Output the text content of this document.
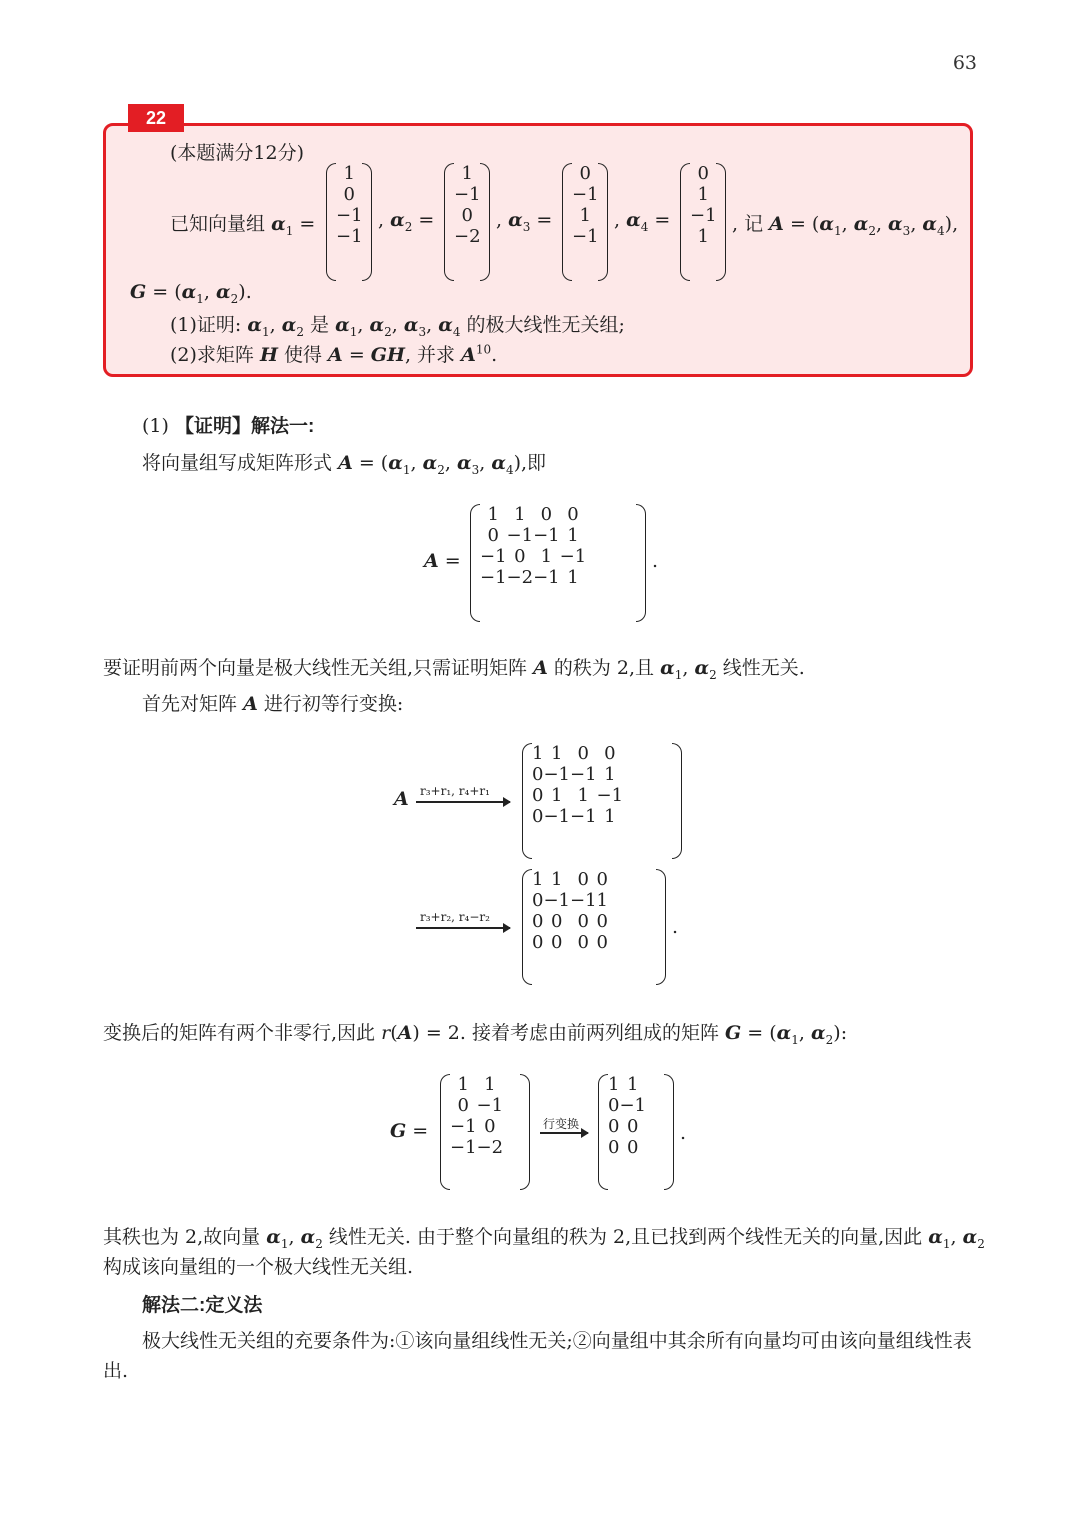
63
22
(本题满分12分)
已知向量组 $\alpha_1$ =
1
0
−1
−1
, $\alpha_2$ =
1
−1
0
−2
, $\alpha_3$ =
0
−1
1
−1
, $\alpha_4$ =
0
1
−1
1
, 记 $A = (\alpha_1$, $\alpha_2$, $\alpha_3$, $\alpha_4$),
$G = (\alpha_1$, $\alpha_2$).
(1)证明: $\alpha_1$, $\alpha_2$ 是 $\alpha_1$, $\alpha_2$, $\alpha_3$, $\alpha_4$ 的极大线性无关组;
(2)求矩阵 H 使得 A = GH, 并求 $A^{10}$.
(1) 【证明】解法一:
将向量组写成矩阵形式 $A = (\alpha_1$, $\alpha_2$, $\alpha_3$, $\alpha_4$),即
A =
1	1	0	0
0	−1	−1	1
−1	0	1	−1
−1	−2	−1	1
.
要证明前两个向量是极大线性无关组,只需证明矩阵 A 的秩为 2,且 $\alpha_1$, $\alpha_2$ 线性无关.
首先对矩阵 A 进行初等行变换:
A r₃+r₁, r₄+r₁
1	1	0	0
0	−1	−1	1
0	1	1	−1
0	−1	−1	1
r₃+r₂, r₄−r₂
1	1	0	0
0	−1	−1	1
0	0	0	0
0	0	0	0
.
变换后的矩阵有两个非零行,因此 r(A) = 2. 接着考虑由前两列组成的矩阵 $G = (\alpha_1$, $\alpha_2$):
G =
1	1
0	−1
−1	0
−1	−2
行变换
1	1
0	−1
0	0
0	0
.
其秩也为 2,故向量 $\alpha_1$, $\alpha_2$ 线性无关. 由于整个向量组的秩为 2,且已找到两个线性无关的向量,因此 $\alpha_1$, $\alpha_2$
构成该向量组的一个极大线性无关组.
解法二:定义法
极大线性无关组的充要条件为:①该向量组线性无关;②向量组中其余所有向量均可由该向量组线性表
出.
